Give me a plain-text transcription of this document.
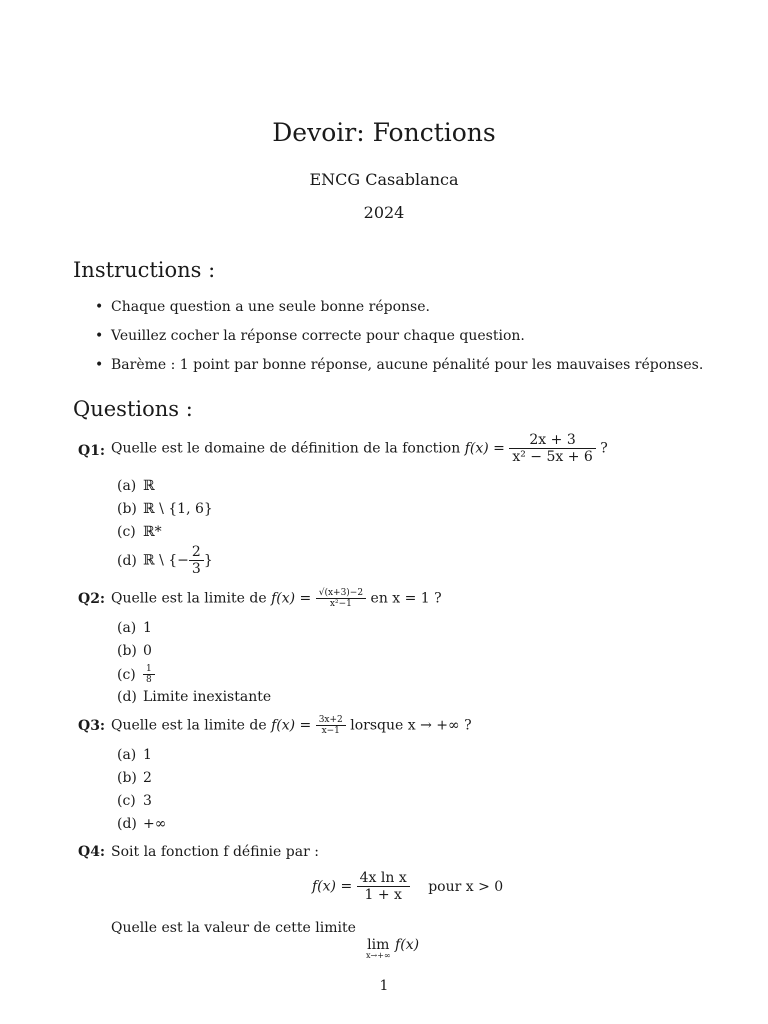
Devoir: Fonctions
ENCG Casablanca
2024
Instructions :
• Chaque question a une seule bonne réponse.
• Veuillez cocher la réponse correcte pour chaque question.
• Barème : 1 point par bonne réponse, aucune pénalité pour les mauvaises réponses.
Questions :
Q1: Quelle est le domaine de définition de la fonction $f(x) = \frac{2x + 3}{\text{x² − 5x + 6}}$ ?
(a) ℝ
(b) ℝ \ {1, 6}
(c) ℝ*
(d) ℝ \ {− $\frac{2}{3}$ }
Q2: Quelle est la limite de $f(x) = \frac{√(x+3)-2}{\text{x²−1}}$ en x = 1 ?
(a) 1
(b) 0
$(c) \frac{1}{8}$
(d) Limite inexistante
Q3: Quelle est la limite de $f(x) = \frac{3x+2}{x-1}$ lorsque x → +∞ ?
(a) 1
(b) 2
(c) 3
(d) +∞
Q4: Soit la fonction f définie par :
$f(x) = \frac{\text{4x ln x}}{1 + x}$ pour x > 0
Quelle est la valeur de cette limite
lim
x→+∞
f(x)
1
